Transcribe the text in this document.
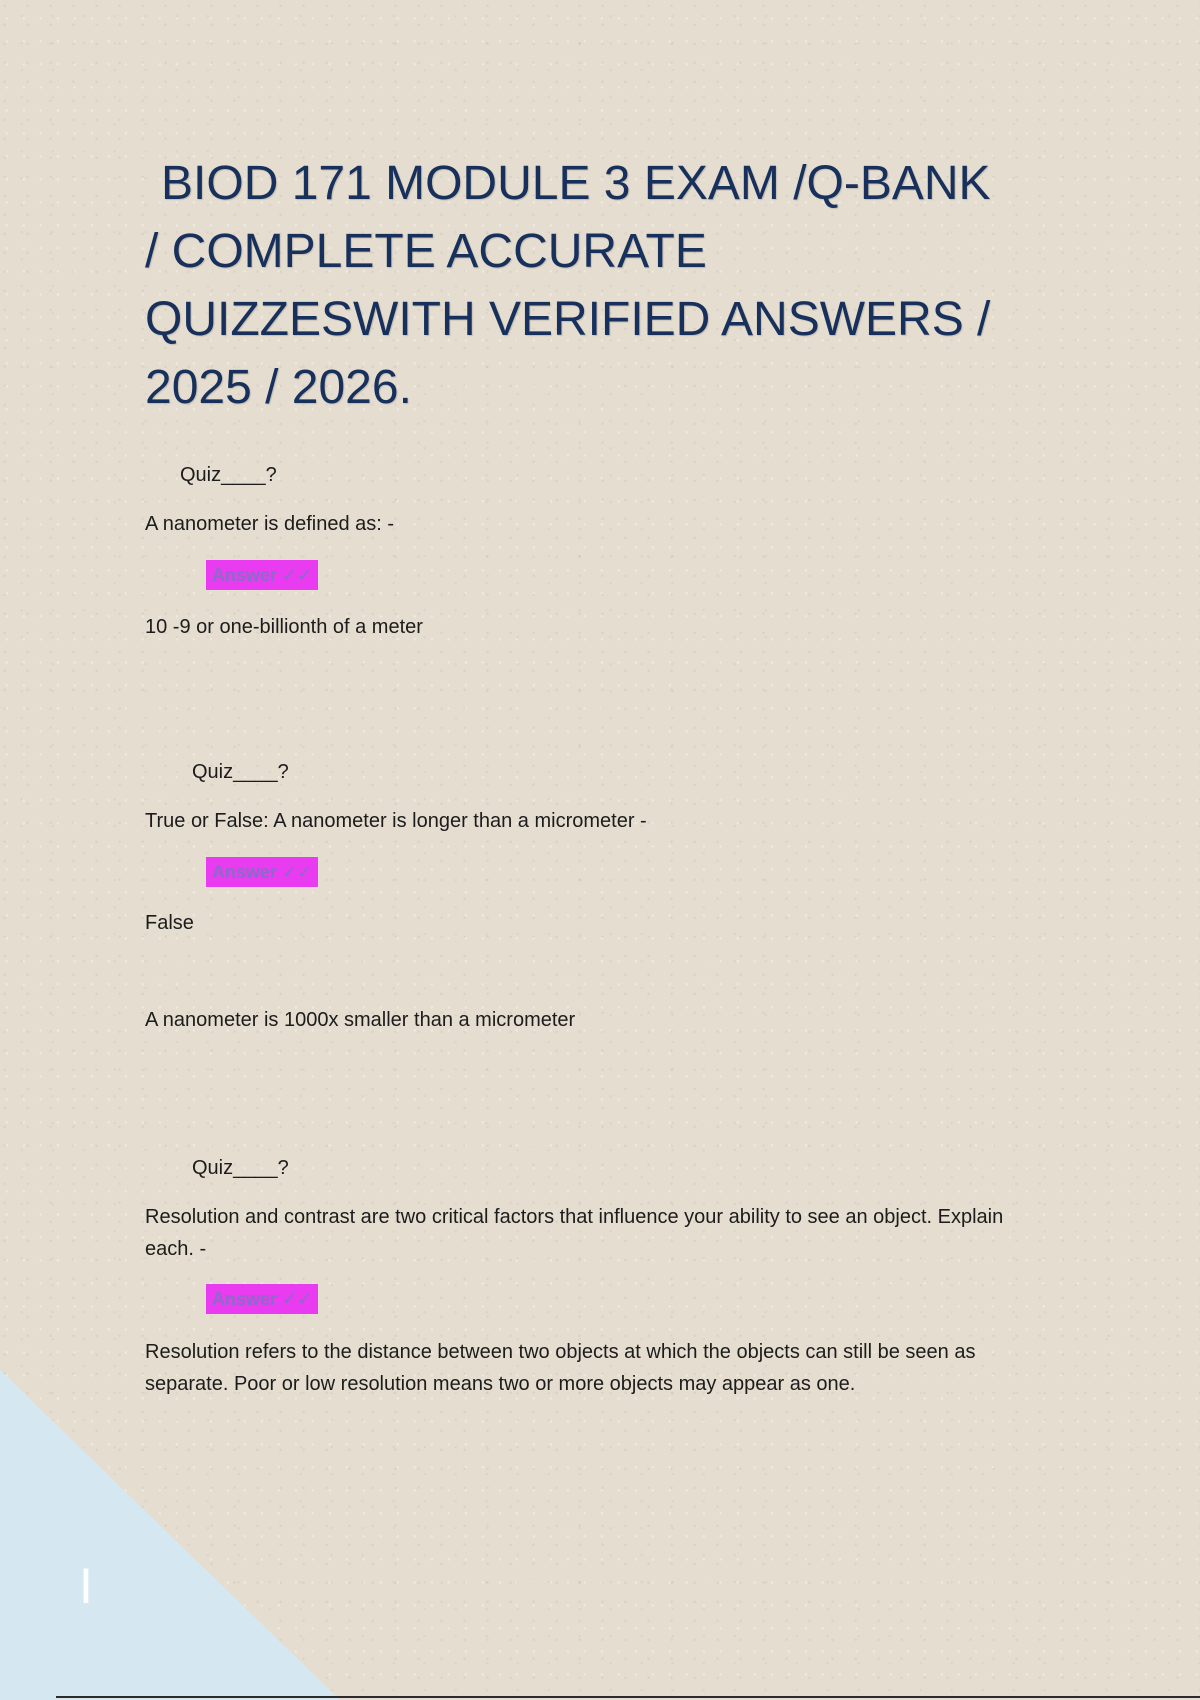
I
BIOD 171 MODULE 3 EXAM /Q-BANK
/ COMPLETE ACCURATE
QUIZZESWITH VERIFIED ANSWERS /
2025 / 2026.
Quiz____?
A nanometer is defined as: -
Answer ✓✓
10 -9 or one-billionth of a meter
Quiz____?
True or False: A nanometer is longer than a micrometer -
Answer ✓✓
False
A nanometer is 1000x smaller than a micrometer
Quiz____?
Resolution and contrast are two critical factors that influence your ability to see an object. Explain each. -
Answer ✓✓
Resolution refers to the distance between two objects at which the objects can still be seen as separate. Poor or low resolution means two or more objects may appear as one.
